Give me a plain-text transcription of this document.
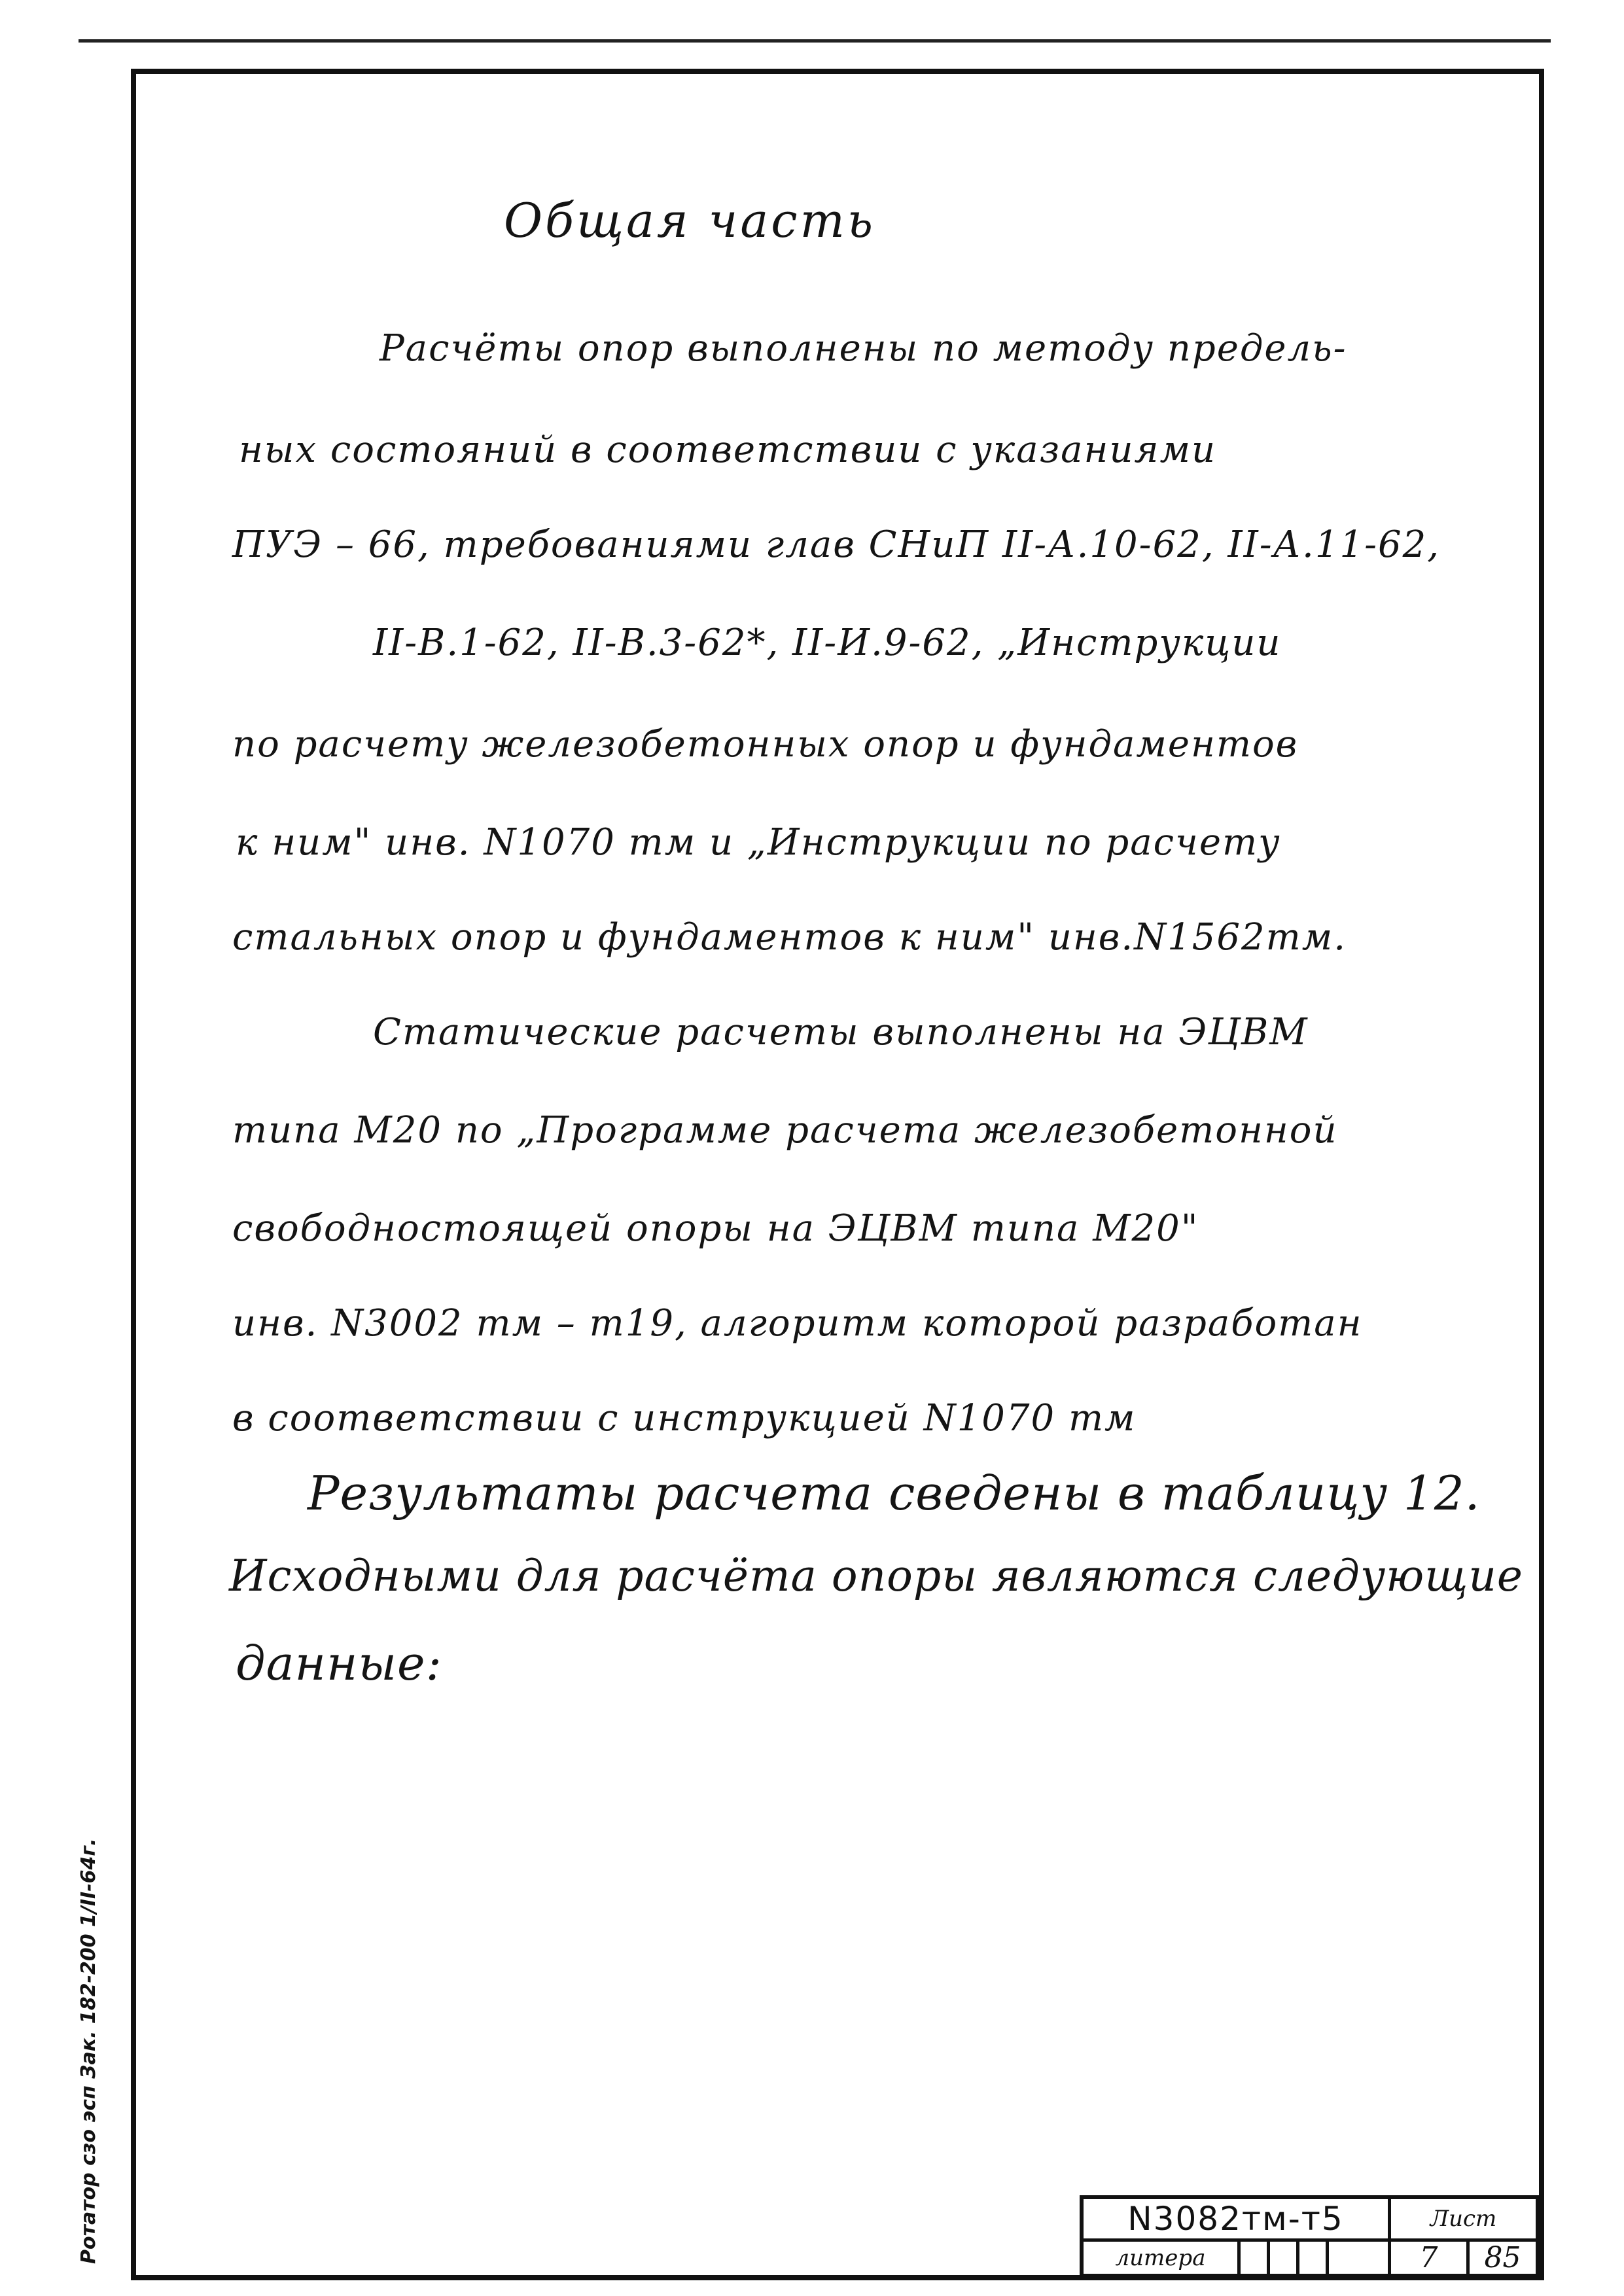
Общая часть
Расчёты опор выполнены по методу предель-
ных состояний в соответствии с указаниями
ПУЭ – 66, требованиями глав СНиП II-А.10-62, II-А.11-62,
II-В.1-62, II-В.3-62*, II-И.9-62, „Инструкции
по расчету железобетонных опор и фундаментов
к ним" инв. N1070 тм и „Инструкции по расчету
стальных опор и фундаментов к ним" инв.N1562тм.
Статические расчеты выполнены на ЭЦВМ
типа М20 по „Программе расчета железобетонной
свободностоящей опоры на ЭЦВМ типа М20"
инв. N3002 тм – т19, алгоритм которой разработан
в соответствии с инструкцией N1070 тм
Результаты расчета сведены в таблицу 12.
Исходными для расчёта опоры являются следующие
данные:
Ротатор сзо эсп Зак. 182-200 1/II-64г.	N3082тм-т5	Лист
литера	7	85
